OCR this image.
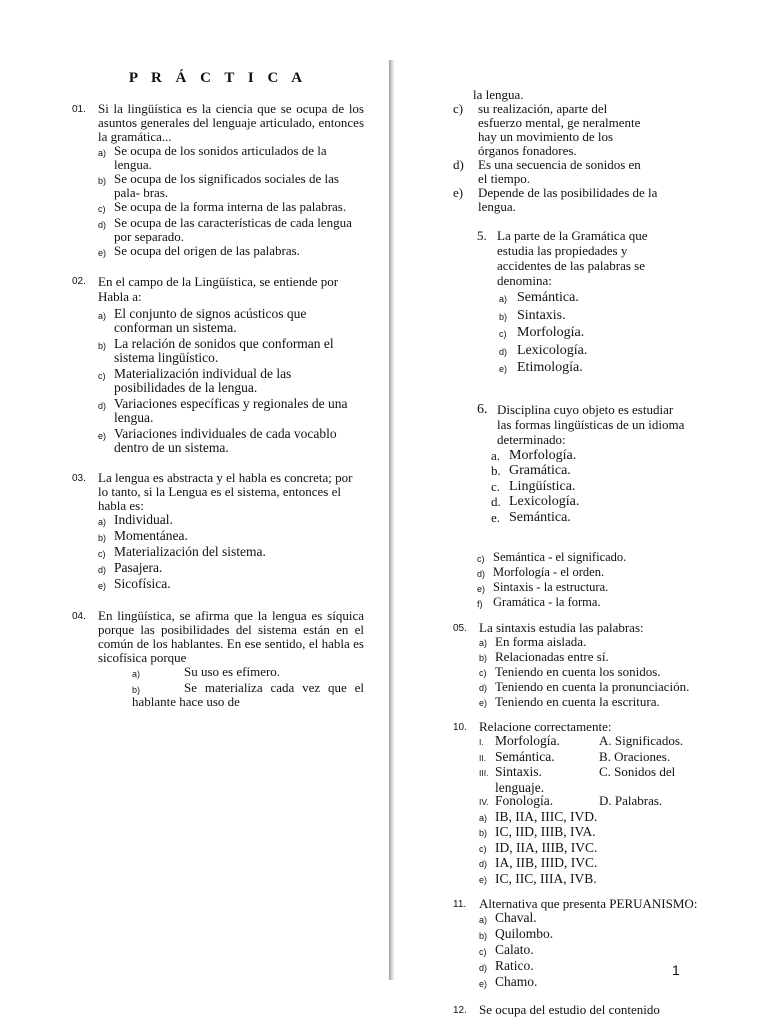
P R Á C T I C A
01. Si la lingüística es la ciencia que se ocupa de los asuntos generales del lenguaje articulado, entonces la gramática...
a) Se ocupa de los sonidos articulados de la lengua.
b) Se ocupa de los significados sociales de las pala- bras.
c) Se ocupa de la forma interna de las palabras.
d) Se ocupa de las características de cada lengua por separado.
e) Se ocupa del origen de las palabras.
02. En el campo de la Lingüística, se entiende por Habla a:
a) El conjunto de signos acústicos que conforman un sistema.
b) La relación de sonidos que conforman el sistema lingüístico.
c) Materialización individual de las posibilidades de la lengua.
d) Variaciones específicas y regionales de una lengua.
e) Variaciones individuales de cada vocablo dentro de un sistema.
03. La lengua es abstracta y el habla es concreta; por lo tanto, si la Lengua es el sistema, entonces el habla es:
a) Individual.
b) Momentánea.
c) Materialización del sistema.
d) Pasajera.
e) Sicofísica.
04. En lingüística, se afirma que la lengua es síquica porque las posibilidades del sistema están en el común de los hablantes. En ese sentido, el habla es sicofísica porque
a)	Su uso es efímero.
b)	Se materializa cada vez que el hablante hace uso de
la lengua.
c)	su realización, aparte del esfuerzo mental, ge neralmente hay un movimiento de los órganos fonadores.
d)	Es una secuencia de sonidos en el tiempo.
e)	Depende de las posibilidades de la lengua.
5. La parte de la Gramática que estudia las propiedades y accidentes de las palabras se denomina:
a) Semántica.
b) Sintaxis.
c) Morfología.
d) Lexicología.
e) Etimología.
6. Disciplina cuyo objeto es estudiar las formas lingüísticas de un idioma determinado:
a. Morfología.
b. Gramática.
c. Lingüística.
d. Lexicología.
e. Semántica.
c) Semántica - el significado.
d) Morfología - el orden.
e) Sintaxis - la estructura.
f) Gramática - la forma.
05. La sintaxis estudia las palabras:
a) En forma aislada.
b) Relacionadas entre sí.
c) Teniendo en cuenta los sonidos.
d) Teniendo en cuenta la pronunciación.
e) Teniendo en cuenta la escritura.
10. Relacione correctamente:
I. Morfología.	A. Significados.
II. Semántica.	B. Oraciones.
III. Sintaxis.	C. Sonidos del
lenguaje.
IV. Fonología.	D. Palabras.
a) IB, IIA, IIIC, IVD.
b) IC, IID, IIIB, IVA.
c) ID, IIA, IIIB, IVC.
d) IA, IIB, IIID, IVC.
e) IC, IIC, IIIA, IVB.
11. Alternativa que presenta PERUANISMO:
a) Chaval.
b) Quilombo.
c) Calato.
d) Ratico.
e) Chamo.
12. Se ocupa del estudio del contenido
1
